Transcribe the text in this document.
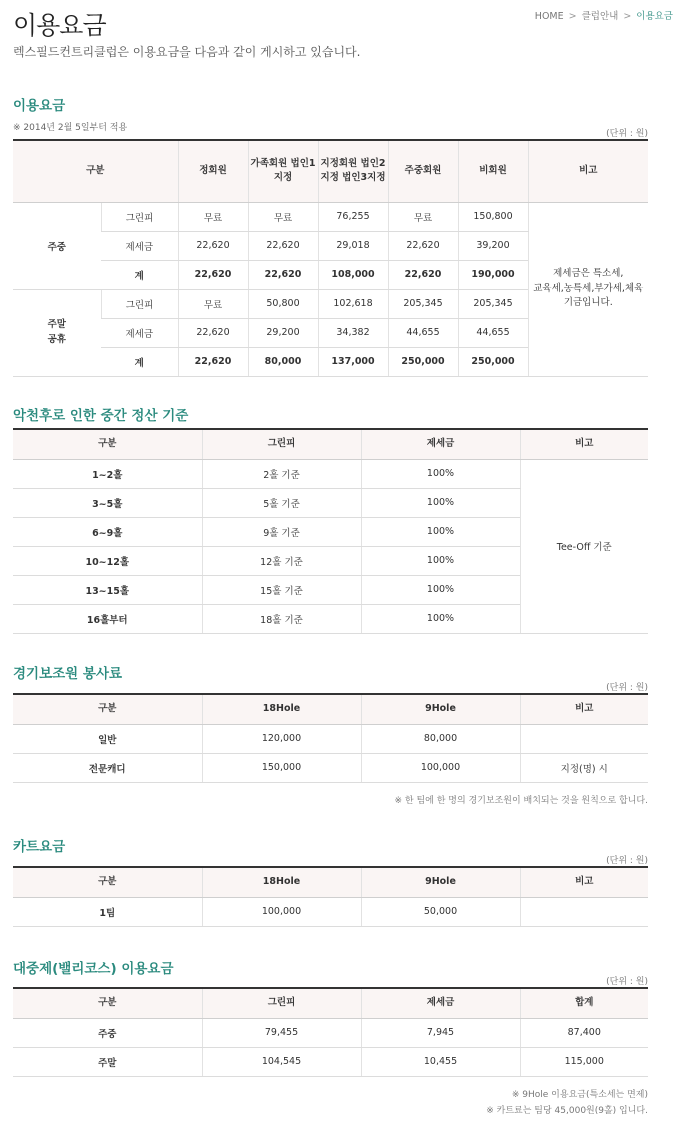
이용요금	HOME > 클럽안내 > 이용요금
렉스필드컨트리클럽은 이용요금을 다음과 같이 게시하고 있습니다.
이용요금
※ 2014년 2월 5일부터 적용
(단위 : 원)
구분		정회원	가족회원 법인1지정	지정회원 법인2지정 법인3지정	주중회원	비회원	비고
주중	그린피	무료	무료	76,255	무료	150,800	제세금은 특소세,
교육세,농특세,부가세,체육
기금입니다.
	제세금	22,620	22,620	29,018	22,620	39,200	
	계	22,620	22,620	108,000	22,620	190,000	
주말
공휴	그린피	무료	50,800	102,618	205,345	205,345	
	제세금	22,620	29,200	34,382	44,655	44,655	
	계	22,620	80,000	137,000	250,000	250,000	
악천후로 인한 중간 정산 기준
구분	그린피	제세금	비고
1~2홀	2홀 기준	100%	Tee-Off 기준
3~5홀	5홀 기준	100%	
6~9홀	9홀 기준	100%	
10~12홀	12홀 기준	100%	
13~15홀	15홀 기준	100%	
16홀부터	18홀 기준	100%	
경기보조원 봉사료
(단위 : 원)
구분	18Hole	9Hole	비고
일반	120,000	80,000	
전문캐디	150,000	100,000	지정(명) 시
※ 한 팀에 한 명의 경기보조원이 배치되는 것을 원칙으로 합니다.
카트요금
(단위 : 원)
구분	18Hole	9Hole	비고
1팀	100,000	50,000	
대중제(밸리코스) 이용요금
(단위 : 원)
구분	그린피	제세금	합계
주중	79,455	7,945	87,400
주말	104,545	10,455	115,000
※ 9Hole 이용요금(특소세는 면제)
※ 카트료는 팀당 45,000원(9홀) 입니다.
